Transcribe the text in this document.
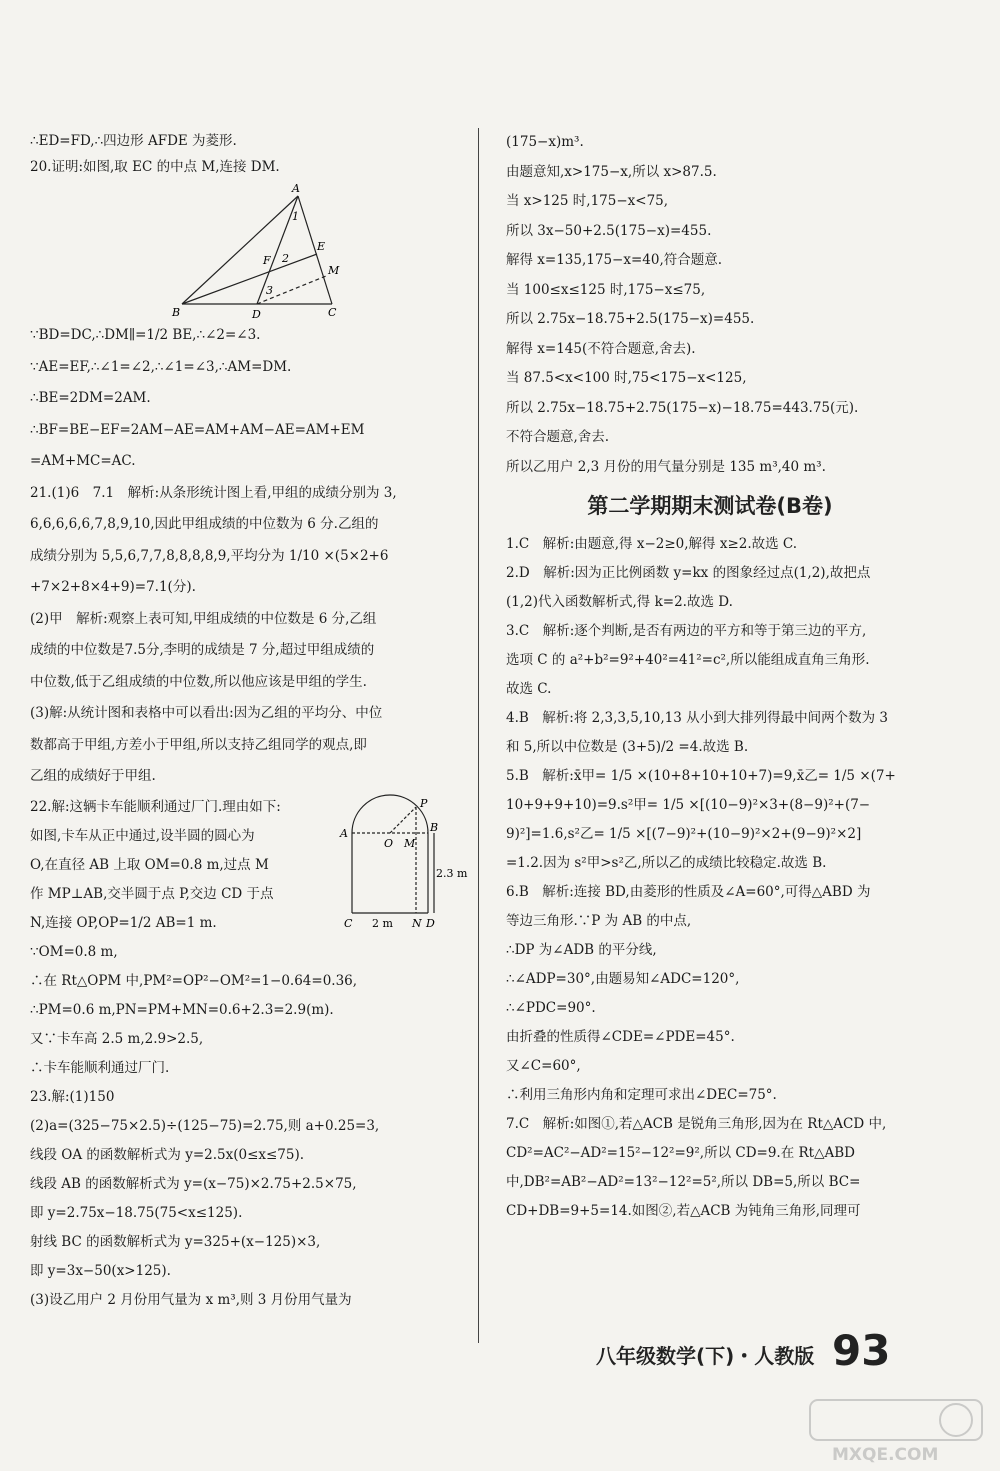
∴ED=FD,∴四边形 AFDE 为菱形.
20.证明:如图,取 EC 的中点 M,连接 DM.
A
B	C
D
E
F
M
1
2
3
∵BD=DC,∴DM∥=1/2 BE,∴∠2=∠3.
∵AE=EF,∴∠1=∠2,∴∠1=∠3,∴AM=DM.
∴BE=2DM=2AM.
∴BF=BE−EF=2AM−AE=AM+AM−AE=AM+EM
=AM+MC=AC.
21.(1)6　7.1　解析:从条形统计图上看,甲组的成绩分别为 3,
6,6,6,6,6,7,8,9,10,因此甲组成绩的中位数为 6 分.乙组的
成绩分别为 5,5,6,7,7,8,8,8,8,9,平均分为 1/10 ×(5×2+6
+7×2+8×4+9)=7.1(分).
(2)甲　解析:观察上表可知,甲组成绩的中位数是 6 分,乙组
成绩的中位数是7.5分,李明的成绩是 7 分,超过甲组成绩的
中位数,低于乙组成绩的中位数,所以他应该是甲组的学生.
(3)解:从统计图和表格中可以看出:因为乙组的平均分、中位
数都高于甲组,方差小于甲组,所以支持乙组同学的观点,即
乙组的成绩好于甲组.
22.解:这辆卡车能顺利通过厂门.理由如下:
如图,卡车从正中通过,设半圆的圆心为
O,在直径 AB 上取 OM=0.8 m,过点 M
作 MP⊥AB,交半圆于点 P,交边 CD 于点
N,连接 OP,OP=1/2 AB=1 m.
P
A	B
O M
C	D
N
2.3 m
2 m
∵OM=0.8 m,
∴在 Rt△OPM 中,PM²=OP²−OM²=1−0.64=0.36,
∴PM=0.6 m,PN=PM+MN=0.6+2.3=2.9(m).
又∵卡车高 2.5 m,2.9>2.5,
∴卡车能顺利通过厂门.
23.解:(1)150
(2)a=(325−75×2.5)÷(125−75)=2.75,则 a+0.25=3,
线段 OA 的函数解析式为 y=2.5x(0≤x≤75).
线段 AB 的函数解析式为 y=(x−75)×2.75+2.5×75,
即 y=2.75x−18.75(75<x≤125).
射线 BC 的函数解析式为 y=325+(x−125)×3,
即 y=3x−50(x>125).
(3)设乙用户 2 月份用气量为 x m³,则 3 月份用气量为
(175−x)m³.
由题意知,x>175−x,所以 x>87.5.
当 x>125 时,175−x<75,
所以 3x−50+2.5(175−x)=455.
解得 x=135,175−x=40,符合题意.
当 100≤x≤125 时,175−x≤75,
所以 2.75x−18.75+2.5(175−x)=455.
解得 x=145(不符合题意,舍去).
当 87.5<x<100 时,75<175−x<125,
所以 2.75x−18.75+2.75(175−x)−18.75=443.75(元).
不符合题意,舍去.
所以乙用户 2,3 月份的用气量分别是 135 m³,40 m³.
第二学期期末测试卷(B卷)
1.C　解析:由题意,得 x−2≥0,解得 x≥2.故选 C.
2.D　解析:因为正比例函数 y=kx 的图象经过点(1,2),故把点
(1,2)代入函数解析式,得 k=2.故选 D.
3.C　解析:逐个判断,是否有两边的平方和等于第三边的平方,
选项 C 的 a²+b²=9²+40²=41²=c²,所以能组成直角三角形.
故选 C.
4.B　解析:将 2,3,3,5,10,13 从小到大排列得最中间两个数为 3
和 5,所以中位数是 (3+5)/2 =4.故选 B.
5.B　解析:x̄甲= 1/5 ×(10+8+10+10+7)=9,x̄乙= 1/5 ×(7+
10+9+9+10)=9.s²甲= 1/5 ×[(10−9)²×3+(8−9)²+(7−
9)²]=1.6,s²乙= 1/5 ×[(7−9)²+(10−9)²×2+(9−9)²×2]
=1.2.因为 s²甲>s²乙,所以乙的成绩比较稳定.故选 B.
6.B　解析:连接 BD,由菱形的性质及∠A=60°,可得△ABD 为
等边三角形.∵P 为 AB 的中点,
∴DP 为∠ADB 的平分线,
∴∠ADP=30°,由题易知∠ADC=120°,
∴∠PDC=90°.
由折叠的性质得∠CDE=∠PDE=45°.
又∠C=60°,
∴利用三角形内角和定理可求出∠DEC=75°.
7.C　解析:如图①,若△ACB 是锐角三角形,因为在 Rt△ACD 中,
CD²=AC²−AD²=15²−12²=9²,所以 CD=9.在 Rt△ABD
中,DB²=AB²−AD²=13²−12²=5²,所以 DB=5,所以 BC=
CD+DB=9+5=14.如图②,若△ACB 为钝角三角形,同理可
八年级数学(下)・人教版 93
MXQE.COM
